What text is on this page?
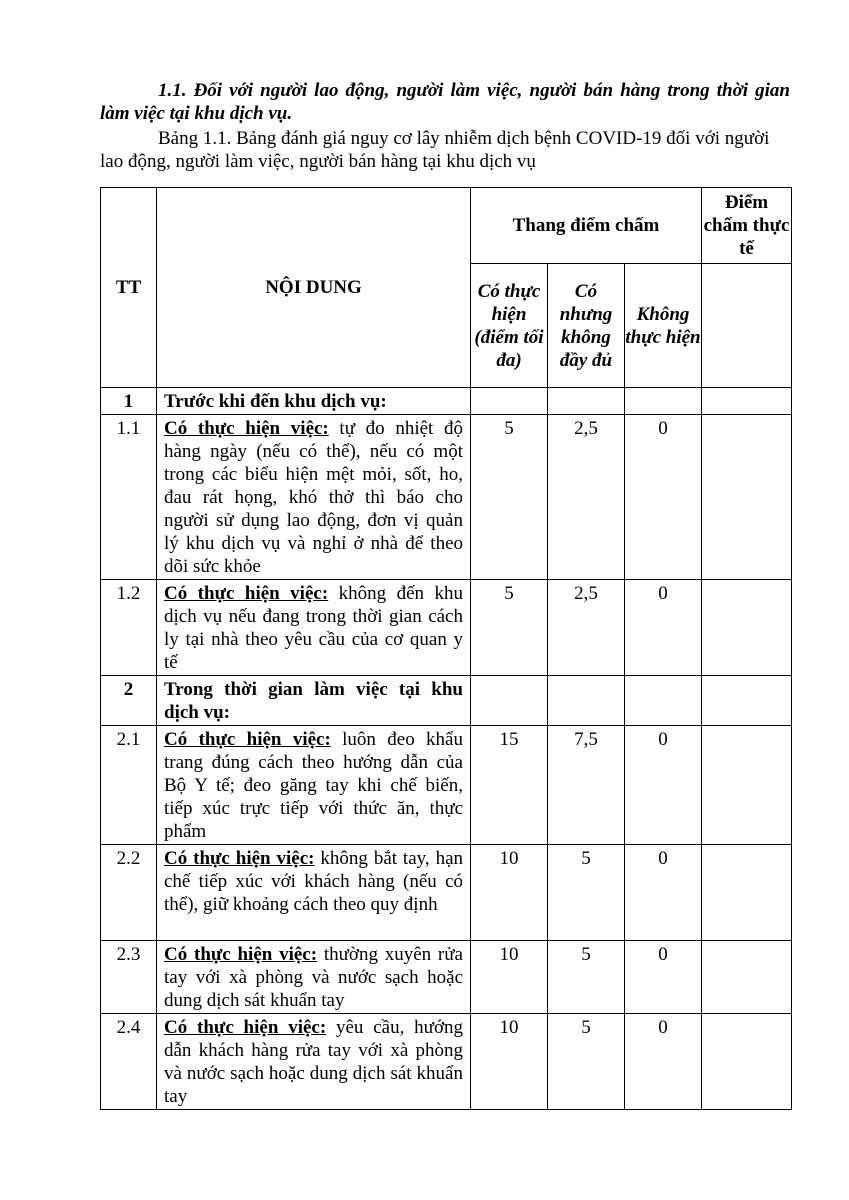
1.1. Đối với người lao động, người làm việc, người bán hàng trong thời gian làm việc tại khu dịch vụ.

Bảng 1.1. Bảng đánh giá nguy cơ lây nhiễm dịch bệnh COVID-19 đối với người lao động, người làm việc, người bán hàng tại khu dịch vụ

TT	NỘI DUNG	Thang điểm chấm			Điểm chấm thực tế
		Có thực hiện (điểm tối đa)	Có nhưng không đầy đủ	Không thực hiện	
1	Trước khi đến khu dịch vụ:				
1.1	Có thực hiện việc: tự đo nhiệt độ hàng ngày (nếu có thể), nếu có một trong các biểu hiện mệt mỏi, sốt, ho, đau rát họng, khó thở thì báo cho người sử dụng lao động, đơn vị quản lý khu dịch vụ và nghỉ ở nhà để theo dõi sức khỏe	5	2,5	0	
1.2	Có thực hiện việc: không đến khu dịch vụ nếu đang trong thời gian cách ly tại nhà theo yêu cầu của cơ quan y tế	5	2,5	0	
2	Trong thời gian làm việc tại khu dịch vụ:				
2.1	Có thực hiện việc: luôn đeo khẩu trang đúng cách theo hướng dẫn của Bộ Y tế; đeo găng tay khi chế biến, tiếp xúc trực tiếp với thức ăn, thực phẩm	15	7,5	0	
2.2	Có thực hiện việc: không bắt tay, hạn chế tiếp xúc với khách hàng (nếu có thể), giữ khoảng cách theo quy định	10	5	0	
2.3	Có thực hiện việc: thường xuyên rửa tay với xà phòng và nước sạch hoặc dung dịch sát khuẩn tay	10	5	0	
2.4	Có thực hiện việc: yêu cầu, hướng dẫn khách hàng rửa tay với xà phòng và nước sạch hoặc dung dịch sát khuẩn tay	10	5	0	
